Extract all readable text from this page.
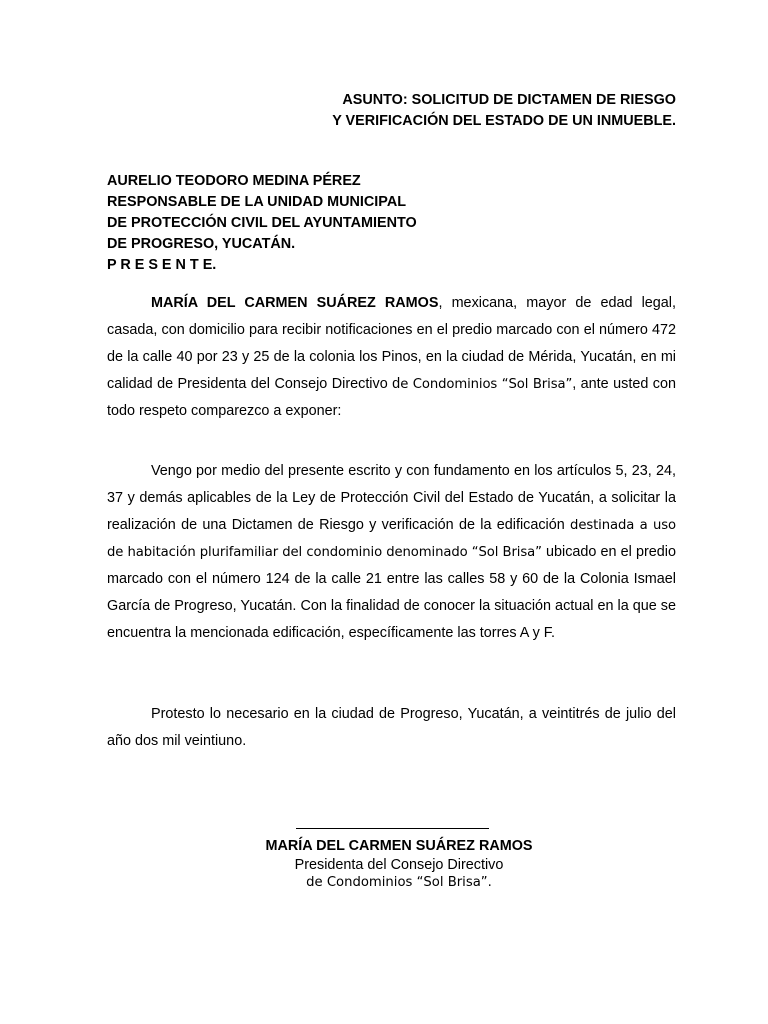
ASUNTO: SOLICITUD DE DICTAMEN DE RIESGO
Y VERIFICACIÓN DEL ESTADO DE UN INMUEBLE.
AURELIO TEODORO MEDINA PÉREZ
RESPONSABLE DE LA UNIDAD MUNICIPAL
DE PROTECCIÓN CIVIL DEL AYUNTAMIENTO
DE PROGRESO, YUCATÁN.
P R E S E N T E.
MARÍA DEL CARMEN SUÁREZ RAMOS, mexicana, mayor de edad legal, casada, con domicilio para recibir notificaciones en el predio marcado con el número 472 de la calle 40 por 23 y 25 de la colonia los Pinos, en la ciudad de Mérida, Yucatán, en mi calidad de Presidenta del Consejo Directivo de Condominios “Sol Brisa”, ante usted con todo respeto comparezco a exponer:
Vengo por medio del presente escrito y con fundamento en los artículos 5, 23, 24, 37 y demás aplicables de la Ley de Protección Civil del Estado de Yucatán, a solicitar la realización de una Dictamen de Riesgo y verificación de la edificación destinada a uso de habitación plurifamiliar del condominio denominado “Sol Brisa” ubicado en el predio marcado con el número 124 de la calle 21 entre las calles 58 y 60 de la Colonia Ismael García de Progreso, Yucatán. Con la finalidad de conocer la situación actual en la que se encuentra la mencionada edificación, específicamente las torres A y F.
Protesto lo necesario en la ciudad de Progreso, Yucatán, a veintitrés de julio del año dos mil veintiuno.
MARÍA DEL CARMEN SUÁREZ RAMOS
Presidenta del Consejo Directivo
de Condominios “Sol Brisa”.
